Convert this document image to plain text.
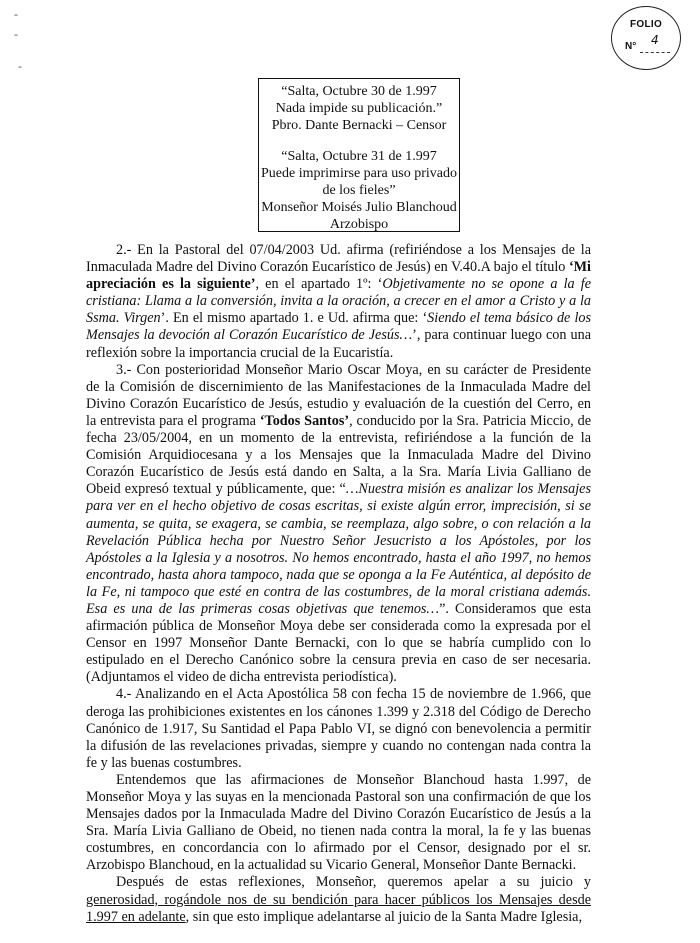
-
-
-
FOLIO
N° 4

“Salta, Octubre 30 de 1.997

Nada impide su publicación.”

Pbro. Dante Bernacki – Censor

“Salta, Octubre 31 de 1.997

Puede imprimirse para uso privado

de los fieles”

Monseñor Moisés Julio Blanchoud

Arzobispo

2.- En la Pastoral del 07/04/2003 Ud. afirma (refiriéndose a los Mensajes de la Inmaculada Madre del Divino Corazón Eucarístico de Jesús) en V.40.A bajo el título ‘Mi apreciación es la siguiente’, en el apartado 1º: ‘Objetivamente no se opone a la fe cristiana: Llama a la conversión, invita a la oración, a crecer en el amor a Cristo y a la Ssma. Virgen’. En el mismo apartado 1. e Ud. afirma que: ‘Siendo el tema básico de los Mensajes la devoción al Corazón Eucarístico de Jesús…’, para continuar luego con una reflexión sobre la importancia crucial de la Eucaristía.

3.- Con posterioridad Monseñor Mario Oscar Moya, en su carácter de Presidente de la Comisión de discernimiento de las Manifestaciones de la Inmaculada Madre del Divino Corazón Eucarístico de Jesús, estudio y evaluación de la cuestión del Cerro, en la entrevista para el programa ‘Todos Santos’, conducido por la Sra. Patricia Miccio, de fecha 23/05/2004, en un momento de la entrevista, refiriéndose a la función de la Comisión Arquidiocesana y a los Mensajes que la Inmaculada Madre del Divino Corazón Eucarístico de Jesús está dando en Salta, a la Sra. María Livia Galliano de Obeid expresó textual y públicamente, que: “…Nuestra misión es analizar los Mensajes para ver en el hecho objetivo de cosas escritas, si existe algún error, imprecisión, si se aumenta, se quita, se exagera, se cambia, se reemplaza, algo sobre, o con relación a la Revelación Pública hecha por Nuestro Señor Jesucristo a los Apóstoles, por los Apóstoles a la Iglesia y a nosotros. No hemos encontrado, hasta el año 1997, no hemos encontrado, hasta ahora tampoco, nada que se oponga a la Fe Auténtica, al depósito de la Fe, ni tampoco que esté en contra de las costumbres, de la moral cristiana además. Esa es una de las primeras cosas objetivas que tenemos…”. Consideramos que esta afirmación pública de Monseñor Moya debe ser considerada como la expresada por el Censor en 1997 Monseñor Dante Bernacki, con lo que se habría cumplido con lo estipulado en el Derecho Canónico sobre la censura previa en caso de ser necesaria. (Adjuntamos el video de dicha entrevista periodística).

4.- Analizando en el Acta Apostólica 58 con fecha 15 de noviembre de 1.966, que deroga las prohibiciones existentes en los cánones 1.399 y 2.318 del Código de Derecho Canónico de 1.917, Su Santidad el Papa Pablo VI, se dignó con benevolencia a permitir la difusión de las revelaciones privadas, siempre y cuando no contengan nada contra la fe y las buenas costumbres.

Entendemos que las afirmaciones de Monseñor Blanchoud hasta 1.997, de Monseñor Moya y las suyas en la mencionada Pastoral son una confirmación de que los Mensajes dados por la Inmaculada Madre del Divino Corazón Eucarístico de Jesús a la Sra. María Livia Galliano de Obeid, no tienen nada contra la moral, la fe y las buenas costumbres, en concordancia con lo afirmado por el Censor, designado por el sr. Arzobispo Blanchoud, en la actualidad su Vicario General, Monseñor Dante Bernacki.

Después de estas reflexiones, Monseñor, queremos apelar a su juicio y generosidad, rogándole nos de su bendición para hacer públicos los Mensajes desde 1.997 en adelante, sin que esto implique adelantarse al juicio de la Santa Madre Iglesia,
